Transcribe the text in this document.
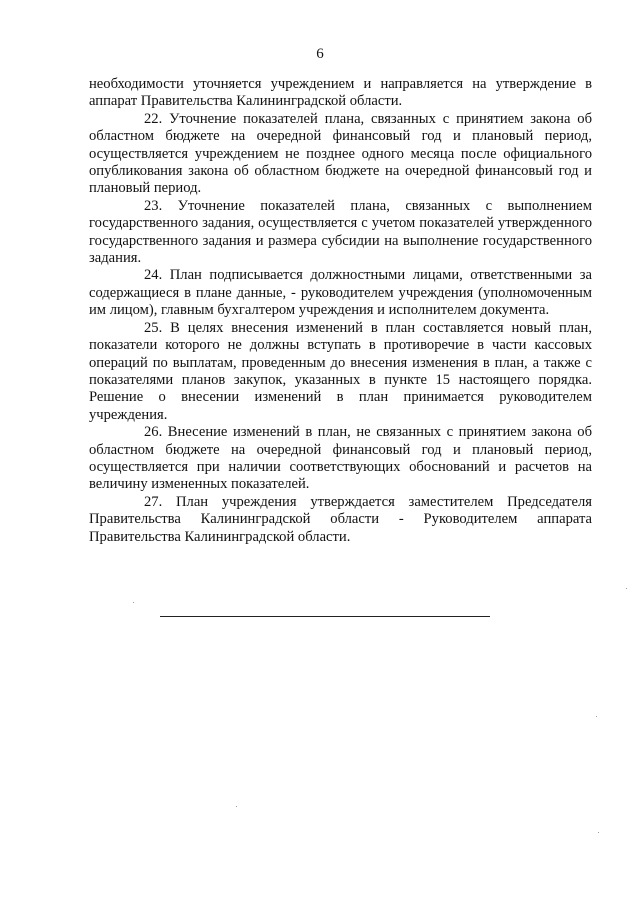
6

необходимости уточняется учреждением и направляется на утверждение в аппарат Правительства Калининградской области.

22. Уточнение показателей плана, связанных с принятием закона об областном бюджете на очередной финансовый год и плановый период, осуществляется учреждением не позднее одного месяца после официального опубликования закона об областном бюджете на очередной финансовый год и плановый период.

23. Уточнение показателей плана, связанных с выполнением государственного задания, осуществляется с учетом показателей утвержденного государственного задания и размера субсидии на выполнение государственного задания.

24. План подписывается должностными лицами, ответственными за содержащиеся в плане данные, - руководителем учреждения (уполномоченным им лицом), главным бухгалтером учреждения и исполнителем документа.

25. В целях внесения изменений в план составляется новый план, показатели которого не должны вступать в противоречие в части кассовых операций по выплатам, проведенным до внесения изменения в план, а также с показателями планов закупок, указанных в пункте 15 настоящего порядка. Решение о внесении изменений в план принимается руководителем учреждения.

26. Внесение изменений в план, не связанных с принятием закона об областном бюджете на очередной финансовый год и плановый период, осуществляется при наличии соответствующих обоснований и расчетов на величину измененных показателей.

27. План учреждения утверждается заместителем Председателя Правительства Калининградской области - Руководителем аппарата Правительства Калининградской области.
